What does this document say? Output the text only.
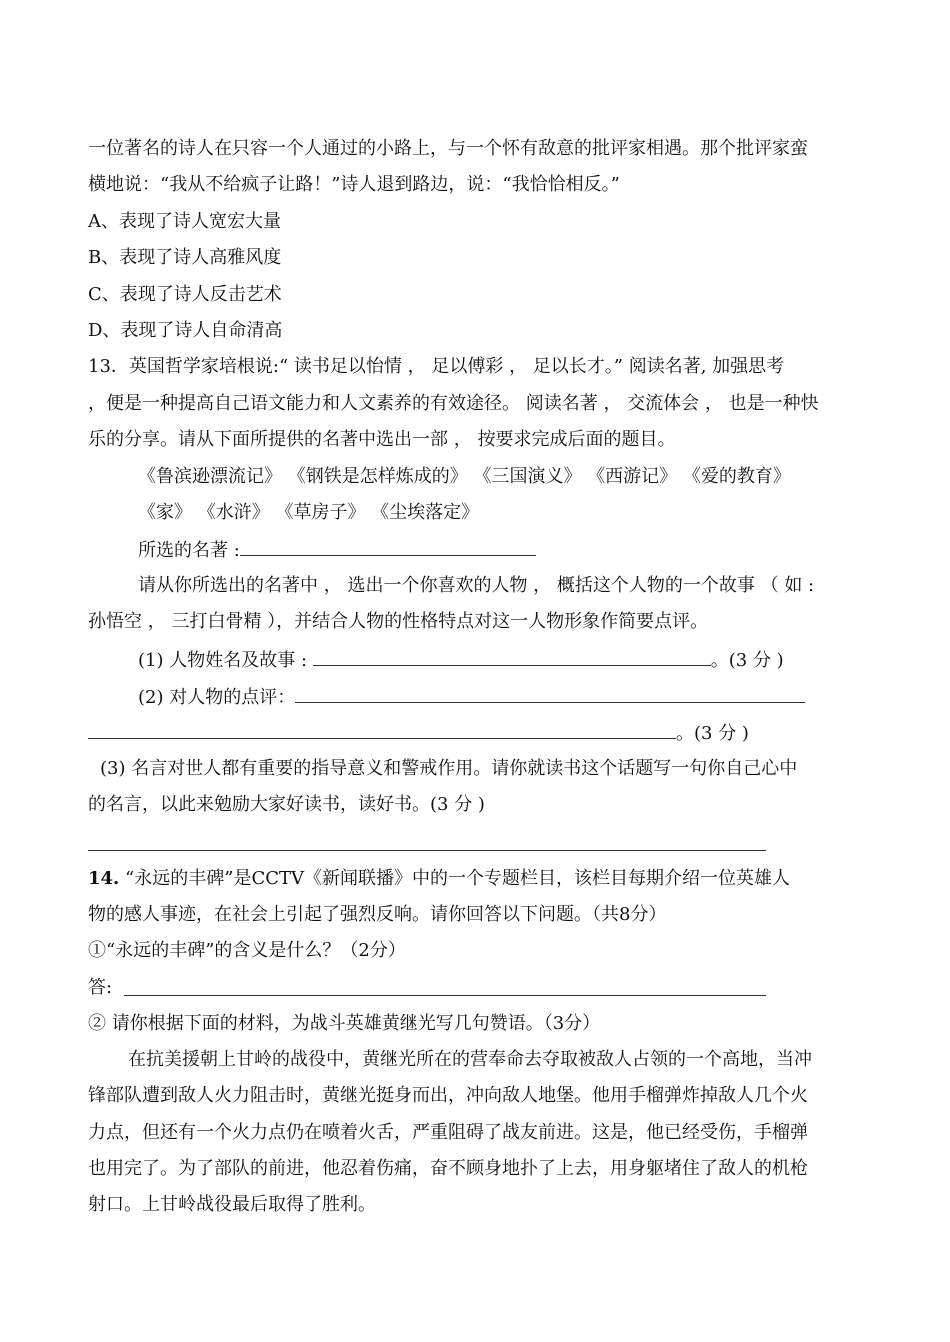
一位著名的诗人在只容一个人通过的小路上，与一个怀有敌意的批评家相遇。那个批评家蛮

横地说：“我从不给疯子让路！”诗人退到路边，说：“我恰恰相反。”

A、表现了诗人宽宏大量

B、表现了诗人高雅风度

C、表现了诗人反击艺术

D、表现了诗人自命清高

13．英国哲学家培根说:“ 读书足以怡情 ， 足以傅彩 ， 足以长才。” 阅读名著, 加强思考

，便是一种提高自己语文能力和人文素养的有效途径。 阅读名著 ， 交流体会 ， 也是一种快

乐的分享。请从下面所提供的名著中选出一部 ， 按要求完成后面的题目。

《鲁滨逊漂流记》 《钢铁是怎样炼成的》 《三国演义》 《西游记》 《爱的教育》

《家》 《水浒》 《草房子》 《尘埃落定》

所选的名著 :

请从你所选出的名著中 ， 选出一个你喜欢的人物 ， 概括这个人物的一个故事 （ 如 :

孙悟空 ， 三打白骨精 ），并结合人物的性格特点对这一人物形象作简要点评。

(1) 人物姓名及故事 :	。(3 分 )

(2) 对人物的点评：

。(3 分 )

(3) 名言对世人都有重要的指导意义和警戒作用。请你就读书这个话题写一句你自己心中

的名言，以此来勉励大家好读书，读好书。(3 分 )

14. “永远的丰碑”是CCTV《新闻联播》中的一个专题栏目，该栏目每期介绍一位英雄人

物的感人事迹，在社会上引起了强烈反响。请你回答以下问题。（共8分）

①“永远的丰碑”的含义是什么？（2分）

答:

② 请你根据下面的材料，为战斗英雄黄继光写几句赞语。（3分）

在抗美援朝上甘岭的战役中，黄继光所在的营奉命去夺取被敌人占领的一个高地，当冲

锋部队遭到敌人火力阻击时，黄继光挺身而出，冲向敌人地堡。他用手榴弹炸掉敌人几个火

力点，但还有一个火力点仍在喷着火舌，严重阻碍了战友前进。这是，他已经受伤，手榴弹

也用完了。为了部队的前进，他忍着伤痛，奋不顾身地扑了上去，用身躯堵住了敌人的机枪

射口。上甘岭战役最后取得了胜利。
